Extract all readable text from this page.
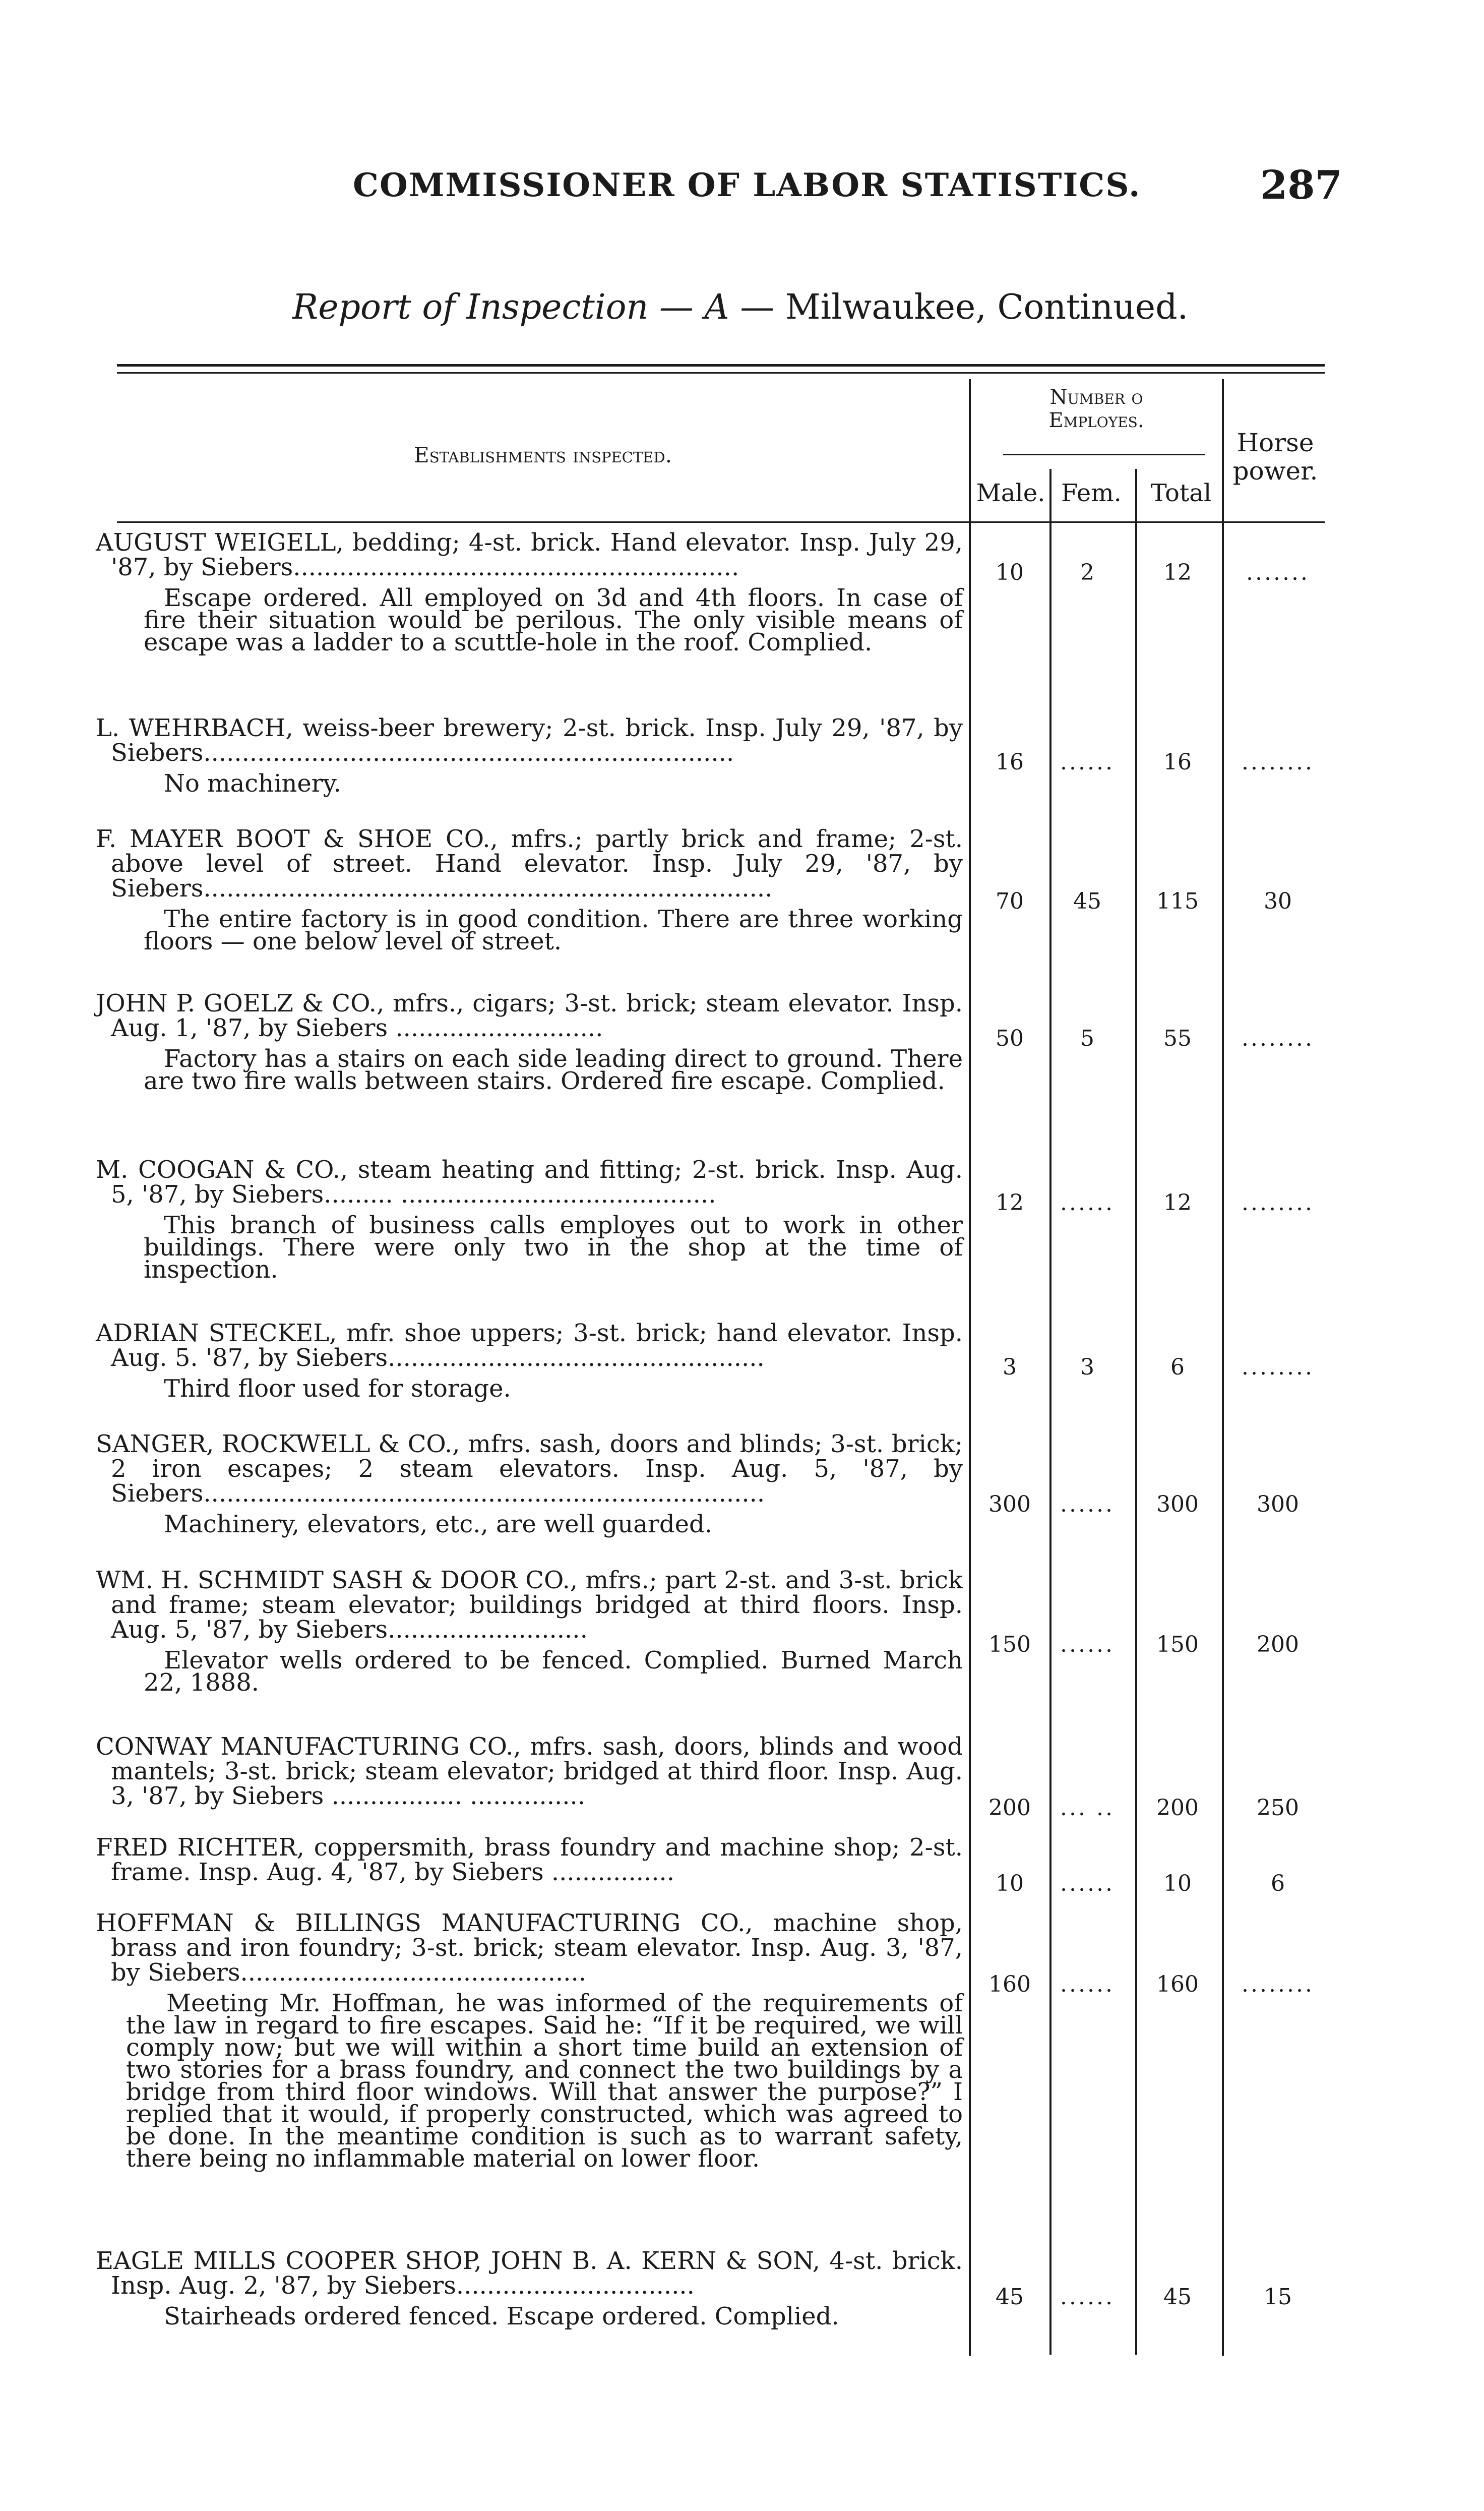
COMMISSIONER OF LABOR STATISTICS.	287
Report of Inspection — A — Milwaukee, Continued.
Establishments inspected.
Number o
Employes.
Male. Fem.	Total
Horse power.
AUGUST WEIGELL, bedding; 4-st. brick. Hand elevator. Insp. July 29, '87, by Siebers..........................................................
Escape ordered. All employed on 3d and 4th floors. In case of fire their situation would be perilous. The only visible means of escape was a ladder to a scuttle-hole in the roof. Complied.
10	2	12	.......
L. WEHRBACH, weiss-beer brewery; 2-st. brick. Insp. July 29, '87, by Siebers.....................................................................
No machinery.
16	......	16	........
F. MAYER BOOT & SHOE CO., mfrs.; partly brick and frame; 2-st. above level of street. Hand elevator. Insp. July 29, '87, by Siebers..........................................................................
The entire factory is in good condition. There are three working floors — one below level of street.
70	45	115	30
JOHN P. GOELZ & CO., mfrs., cigars; 3-st. brick; steam elevator. Insp. Aug. 1, '87, by Siebers ...........................
Factory has a stairs on each side leading direct to ground. There are two fire walls between stairs. Ordered fire escape. Complied.
50	5	55	........
M. COOGAN & CO., steam heating and fitting; 2-st. brick. Insp. Aug. 5, '87, by Siebers......... .........................................
This branch of business calls employes out to work in other buildings. There were only two in the shop at the time of inspection.
12	......	12	........
ADRIAN STECKEL, mfr. shoe uppers; 3-st. brick; hand elevator. Insp. Aug. 5. '87, by Siebers.................................................
Third floor used for storage.
3	3	6	........
SANGER, ROCKWELL & CO., mfrs. sash, doors and blinds; 3-st. brick; 2 iron escapes; 2 steam elevators. Insp. Aug. 5, '87, by Siebers.........................................................................
Machinery, elevators, etc., are well guarded.
300	......	300	300
WM. H. SCHMIDT SASH & DOOR CO., mfrs.; part 2-st. and 3-st. brick and frame; steam elevator; buildings bridged at third floors. Insp. Aug. 5, '87, by Siebers..........................
Elevator wells ordered to be fenced. Complied. Burned March 22, 1888.
150	......	150	200
CONWAY MANUFACTURING CO., mfrs. sash, doors, blinds and wood mantels; 3-st. brick; steam elevator; bridged at third floor. Insp. Aug. 3, '87, by Siebers ................. ...............	200	... ..	200	250
FRED RICHTER, coppersmith, brass foundry and machine shop; 2-st. frame. Insp. Aug. 4, '87, by Siebers ................	10	......	10	6
HOFFMAN & BILLINGS MANUFACTURING CO., machine shop, brass and iron foundry; 3-st. brick; steam elevator. Insp. Aug. 3, '87, by Siebers.............................................
Meeting Mr. Hoffman, he was informed of the requirements of the law in regard to fire escapes. Said he: “If it be required, we will comply now; but we will within a short time build an extension of two stories for a brass foundry, and connect the two buildings by a bridge from third floor windows. Will that answer the purpose?” I replied that it would, if properly constructed, which was agreed to be done. In the meantime condition is such as to warrant safety, there being no inflammable material on lower floor.
160	......	160	........
EAGLE MILLS COOPER SHOP, JOHN B. A. KERN & SON, 4-st. brick. Insp. Aug. 2, '87, by Siebers...............................
Stairheads ordered fenced. Escape ordered. Complied.
45	......	45	15
